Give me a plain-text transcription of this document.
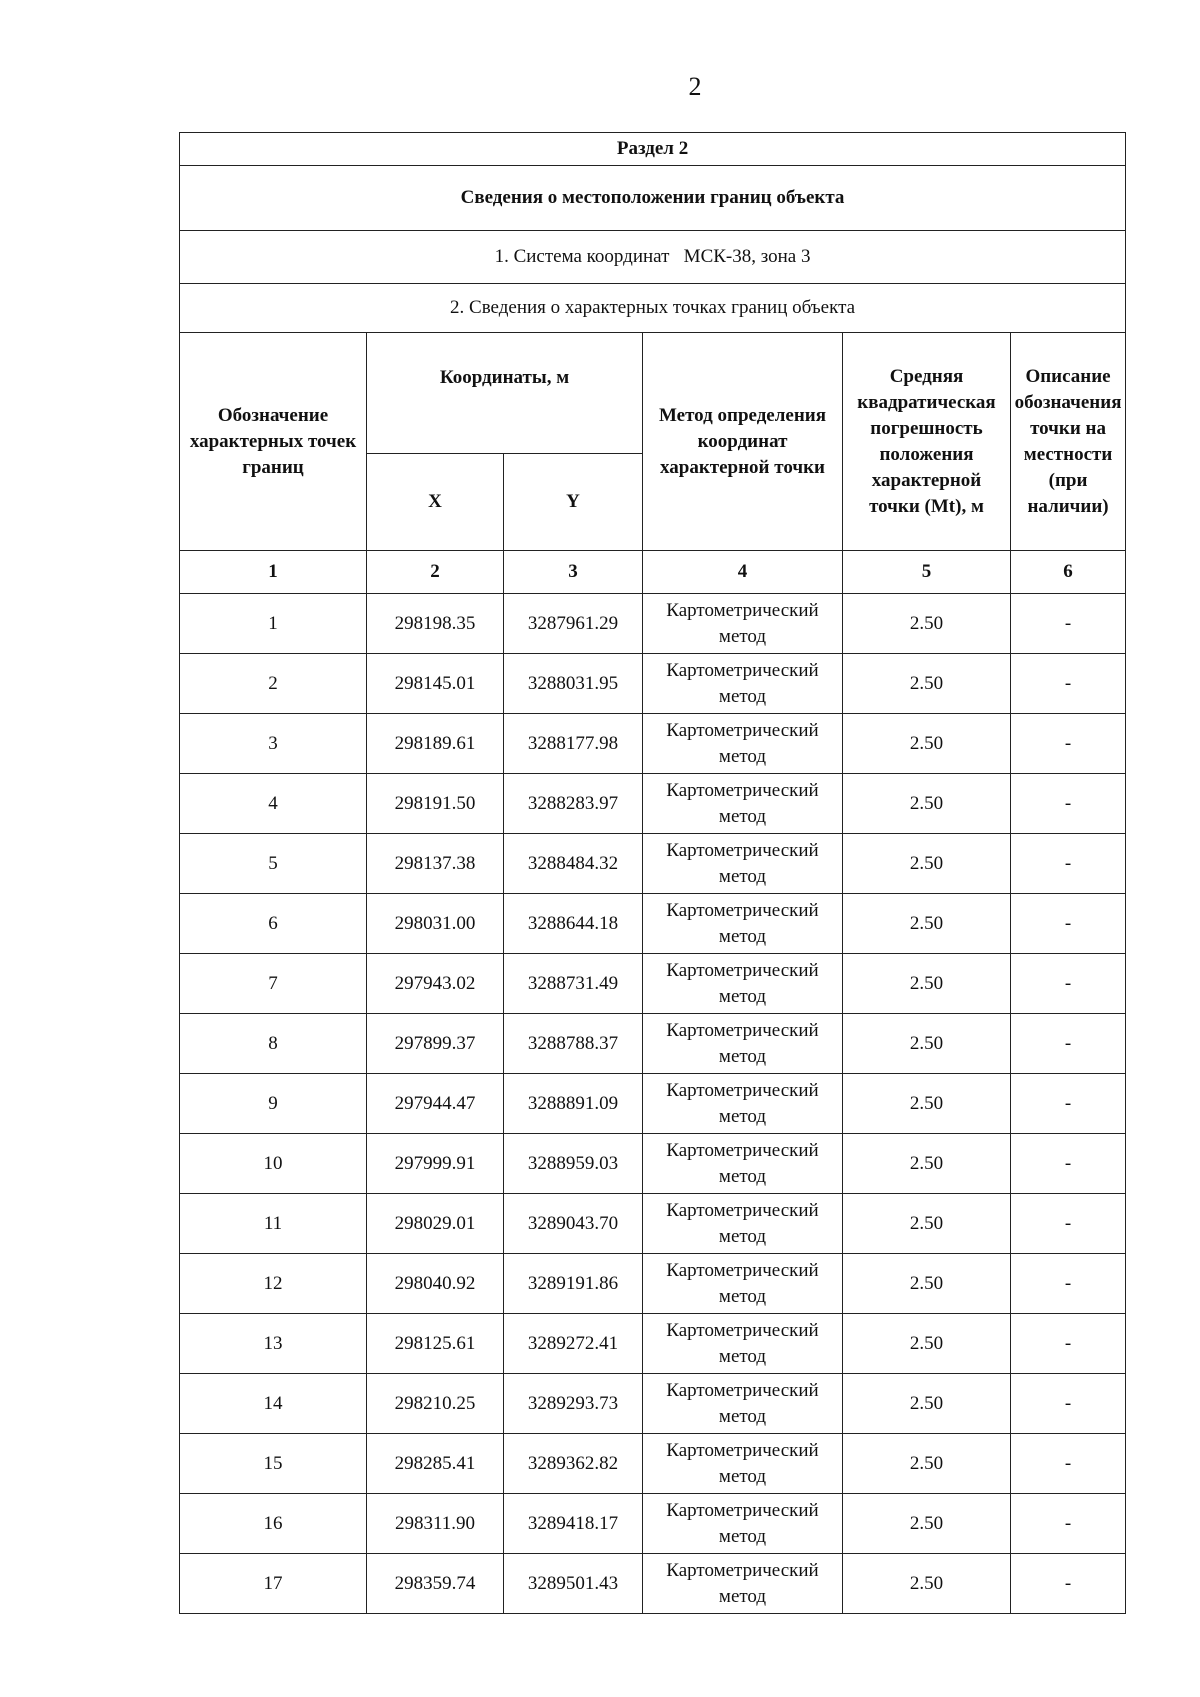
2
Раздел 2					
Сведения о местоположении границ объекта					
1. Система координат   МСК-38, зона 3					
2. Сведения о характерных точках границ объекта					
Обозначение характерных точек границ	Координаты, м		Метод определения координат характерной точки	Средняя квадратическая погрешность положения характерной точки (Mt), м	Описание обозначения точки на местности (при наличии)
	X	Y			
1	2	3	4	5	6
1	298198.35	3287961.29	Картометрический метод	2.50	-
2	298145.01	3288031.95	Картометрический метод	2.50	-
3	298189.61	3288177.98	Картометрический метод	2.50	-
4	298191.50	3288283.97	Картометрический метод	2.50	-
5	298137.38	3288484.32	Картометрический метод	2.50	-
6	298031.00	3288644.18	Картометрический метод	2.50	-
7	297943.02	3288731.49	Картометрический метод	2.50	-
8	297899.37	3288788.37	Картометрический метод	2.50	-
9	297944.47	3288891.09	Картометрический метод	2.50	-
10	297999.91	3288959.03	Картометрический метод	2.50	-
11	298029.01	3289043.70	Картометрический метод	2.50	-
12	298040.92	3289191.86	Картометрический метод	2.50	-
13	298125.61	3289272.41	Картометрический метод	2.50	-
14	298210.25	3289293.73	Картометрический метод	2.50	-
15	298285.41	3289362.82	Картометрический метод	2.50	-
16	298311.90	3289418.17	Картометрический метод	2.50	-
17	298359.74	3289501.43	Картометрический метод	2.50	-
